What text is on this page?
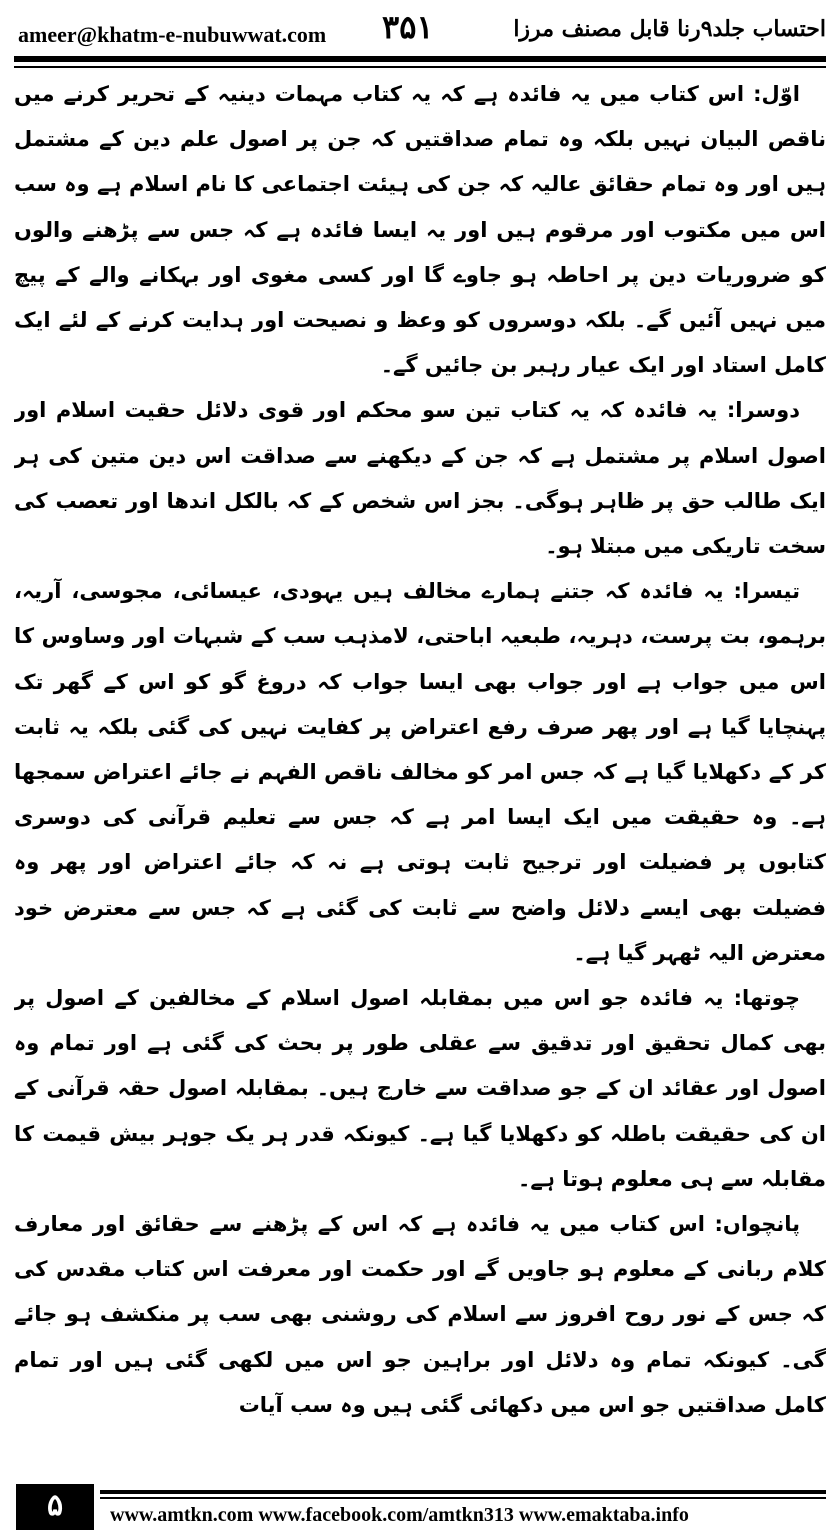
ameer@khatm-e-nubuwwat.com ۳۵۱	احتساب جلد۹رنا قابل مصنف مرزا

اوّل: اس کتاب میں یہ فائدہ ہے کہ یہ کتاب مہمات دینیہ کے تحریر کرنے میں ناقص البیان نہیں بلکہ وہ تمام صداقتیں کہ جن پر اصول علم دین کے مشتمل ہیں اور وہ تمام حقائق عالیہ کہ جن کی ہیئت اجتماعی کا نام اسلام ہے وہ سب اس میں مکتوب اور مرقوم ہیں اور یہ ایسا فائدہ ہے کہ جس سے پڑھنے والوں کو ضروریات دین پر احاطہ ہو جاوے گا اور کسی مغوی اور بہکانے والے کے پیچ میں نہیں آئیں گے۔ بلکہ دوسروں کو وعظ و نصیحت اور ہدایت کرنے کے لئے ایک کامل استاد اور ایک عیار رہبر بن جائیں گے۔

دوسرا: یہ فائدہ کہ یہ کتاب تین سو محکم اور قوی دلائل حقیت اسلام اور اصول اسلام پر مشتمل ہے کہ جن کے دیکھنے سے صداقت اس دین متین کی ہر ایک طالب حق پر ظاہر ہوگی۔ بجز اس شخص کے کہ بالکل اندھا اور تعصب کی سخت تاریکی میں مبتلا ہو۔

تیسرا: یہ فائدہ کہ جتنے ہمارے مخالف ہیں یہودی، عیسائی، مجوسی، آریہ، برہمو، بت پرست، دہریہ، طبعیہ اباحتی، لامذہب سب کے شبہات اور وساوس کا اس میں جواب ہے اور جواب بھی ایسا جواب کہ دروغ گو کو اس کے گھر تک پہنچایا گیا ہے اور پھر صرف رفع اعتراض پر کفایت نہیں کی گئی بلکہ یہ ثابت کر کے دکھلایا گیا ہے کہ جس امر کو مخالف ناقص الفہم نے جائے اعتراض سمجھا ہے۔ وہ حقیقت میں ایک ایسا امر ہے کہ جس سے تعلیم قرآنی کی دوسری کتابوں پر فضیلت اور ترجیح ثابت ہوتی ہے نہ کہ جائے اعتراض اور پھر وہ فضیلت بھی ایسے دلائل واضح سے ثابت کی گئی ہے کہ جس سے معترض خود معترض الیہ ٹھہر گیا ہے۔

چوتھا: یہ فائدہ جو اس میں بمقابلہ اصول اسلام کے مخالفین کے اصول پر بھی کمال تحقیق اور تدقیق سے عقلی طور پر بحث کی گئی ہے اور تمام وہ اصول اور عقائد ان کے جو صداقت سے خارج ہیں۔ بمقابلہ اصول حقہ قرآنی کے ان کی حقیقت باطلہ کو دکھلایا گیا ہے۔ کیونکہ قدر ہر یک جوہر بیش قیمت کا مقابلہ سے ہی معلوم ہوتا ہے۔

پانچواں: اس کتاب میں یہ فائدہ ہے کہ اس کے پڑھنے سے حقائق اور معارف کلام ربانی کے معلوم ہو جاویں گے اور حکمت اور معرفت اس کتاب مقدس کی کہ جس کے نور روح افروز سے اسلام کی روشنی بھی سب پر منکشف ہو جائے گی۔ کیونکہ تمام وہ دلائل اور براہین جو اس میں لکھی گئی ہیں اور تمام کامل صداقتیں جو اس میں دکھائی گئی ہیں وہ سب آیات

۵	www.amtkn.com www.facebook.com/amtkn313 www.emaktaba.info
